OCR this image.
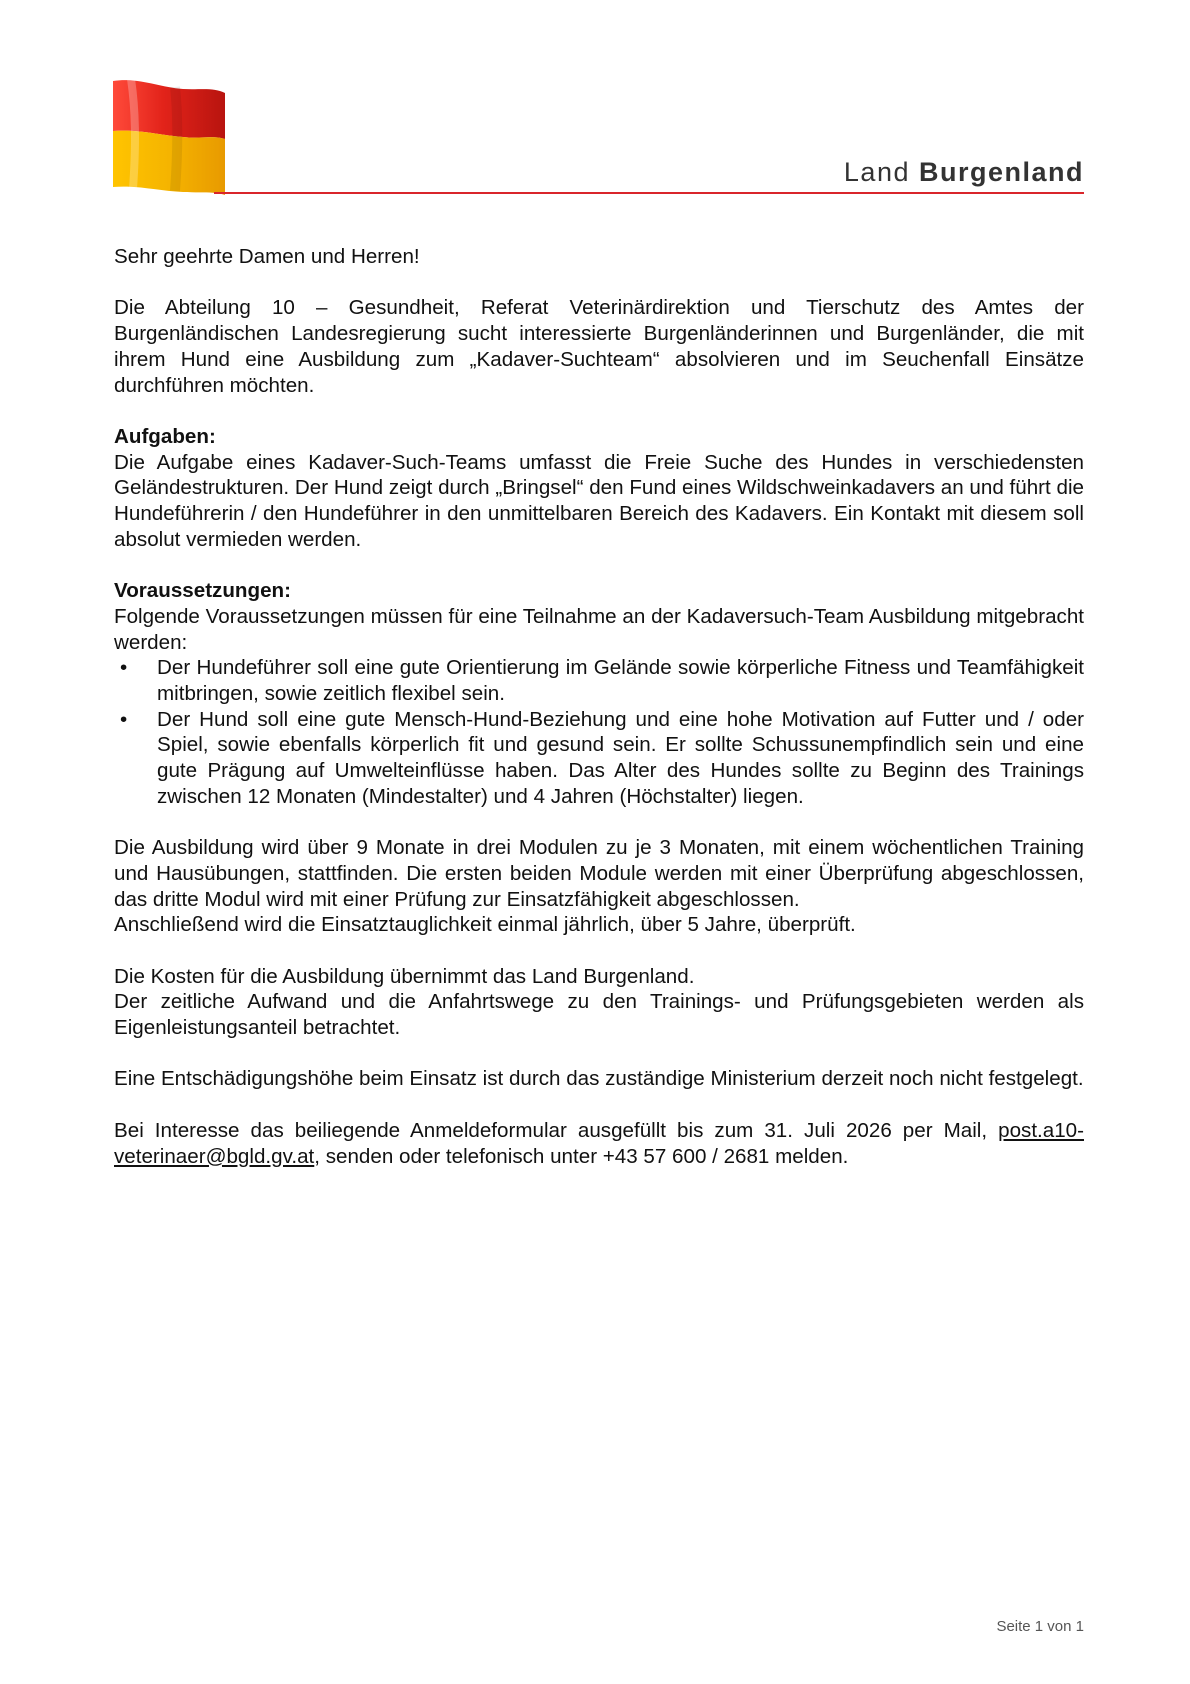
Land Burgenland

Sehr geehrte Damen und Herren!

Die Abteilung 10 – Gesundheit, Referat Veterinärdirektion und Tierschutz des Amtes der Burgenländischen Landesregierung sucht interessierte Burgenländerinnen und Burgenländer, die mit ihrem Hund eine Ausbildung zum „Kadaver-Suchteam“ absolvieren und im Seuchenfall Einsätze durchführen möchten.

Aufgaben:

Die Aufgabe eines Kadaver-Such-Teams umfasst die Freie Suche des Hundes in verschiedensten Geländestrukturen. Der Hund zeigt durch „Bringsel“ den Fund eines Wildschweinkadavers an und führt die Hundeführerin / den Hundeführer in den unmittelbaren Bereich des Kadavers. Ein Kontakt mit diesem soll absolut vermieden werden.

Voraussetzungen:

Folgende Voraussetzungen müssen für eine Teilnahme an der Kadaversuch-Team Ausbildung mitgebracht werden:

• Der Hundeführer soll eine gute Orientierung im Gelände sowie körperliche Fitness und Teamfähigkeit mitbringen, sowie zeitlich flexibel sein.
• Der Hund soll eine gute Mensch-Hund-Beziehung und eine hohe Motivation auf Futter und / oder Spiel, sowie ebenfalls körperlich fit und gesund sein. Er sollte Schussunempfindlich sein und eine gute Prägung auf Umwelteinflüsse haben. Das Alter des Hundes sollte zu Beginn des Trainings zwischen 12 Monaten (Mindestalter) und 4 Jahren (Höchstalter) liegen.

Die Ausbildung wird über 9 Monate in drei Modulen zu je 3 Monaten, mit einem wöchentlichen Training und Hausübungen, stattfinden. Die ersten beiden Module werden mit einer Überprüfung abgeschlossen, das dritte Modul wird mit einer Prüfung zur Einsatzfähigkeit abgeschlossen.

Anschließend wird die Einsatztauglichkeit einmal jährlich, über 5 Jahre, überprüft.

Die Kosten für die Ausbildung übernimmt das Land Burgenland.

Der zeitliche Aufwand und die Anfahrtswege zu den Trainings- und Prüfungsgebieten werden als Eigenleistungsanteil betrachtet.

Eine Entschädigungshöhe beim Einsatz ist durch das zuständige Ministerium derzeit noch nicht festgelegt.

Bei Interesse das beiliegende Anmeldeformular ausgefüllt bis zum 31. Juli 2026 per Mail, post.a10-veterinaer@bgld.gv.at, senden oder telefonisch unter +43 57 600 / 2681 melden.

Seite 1 von 1
